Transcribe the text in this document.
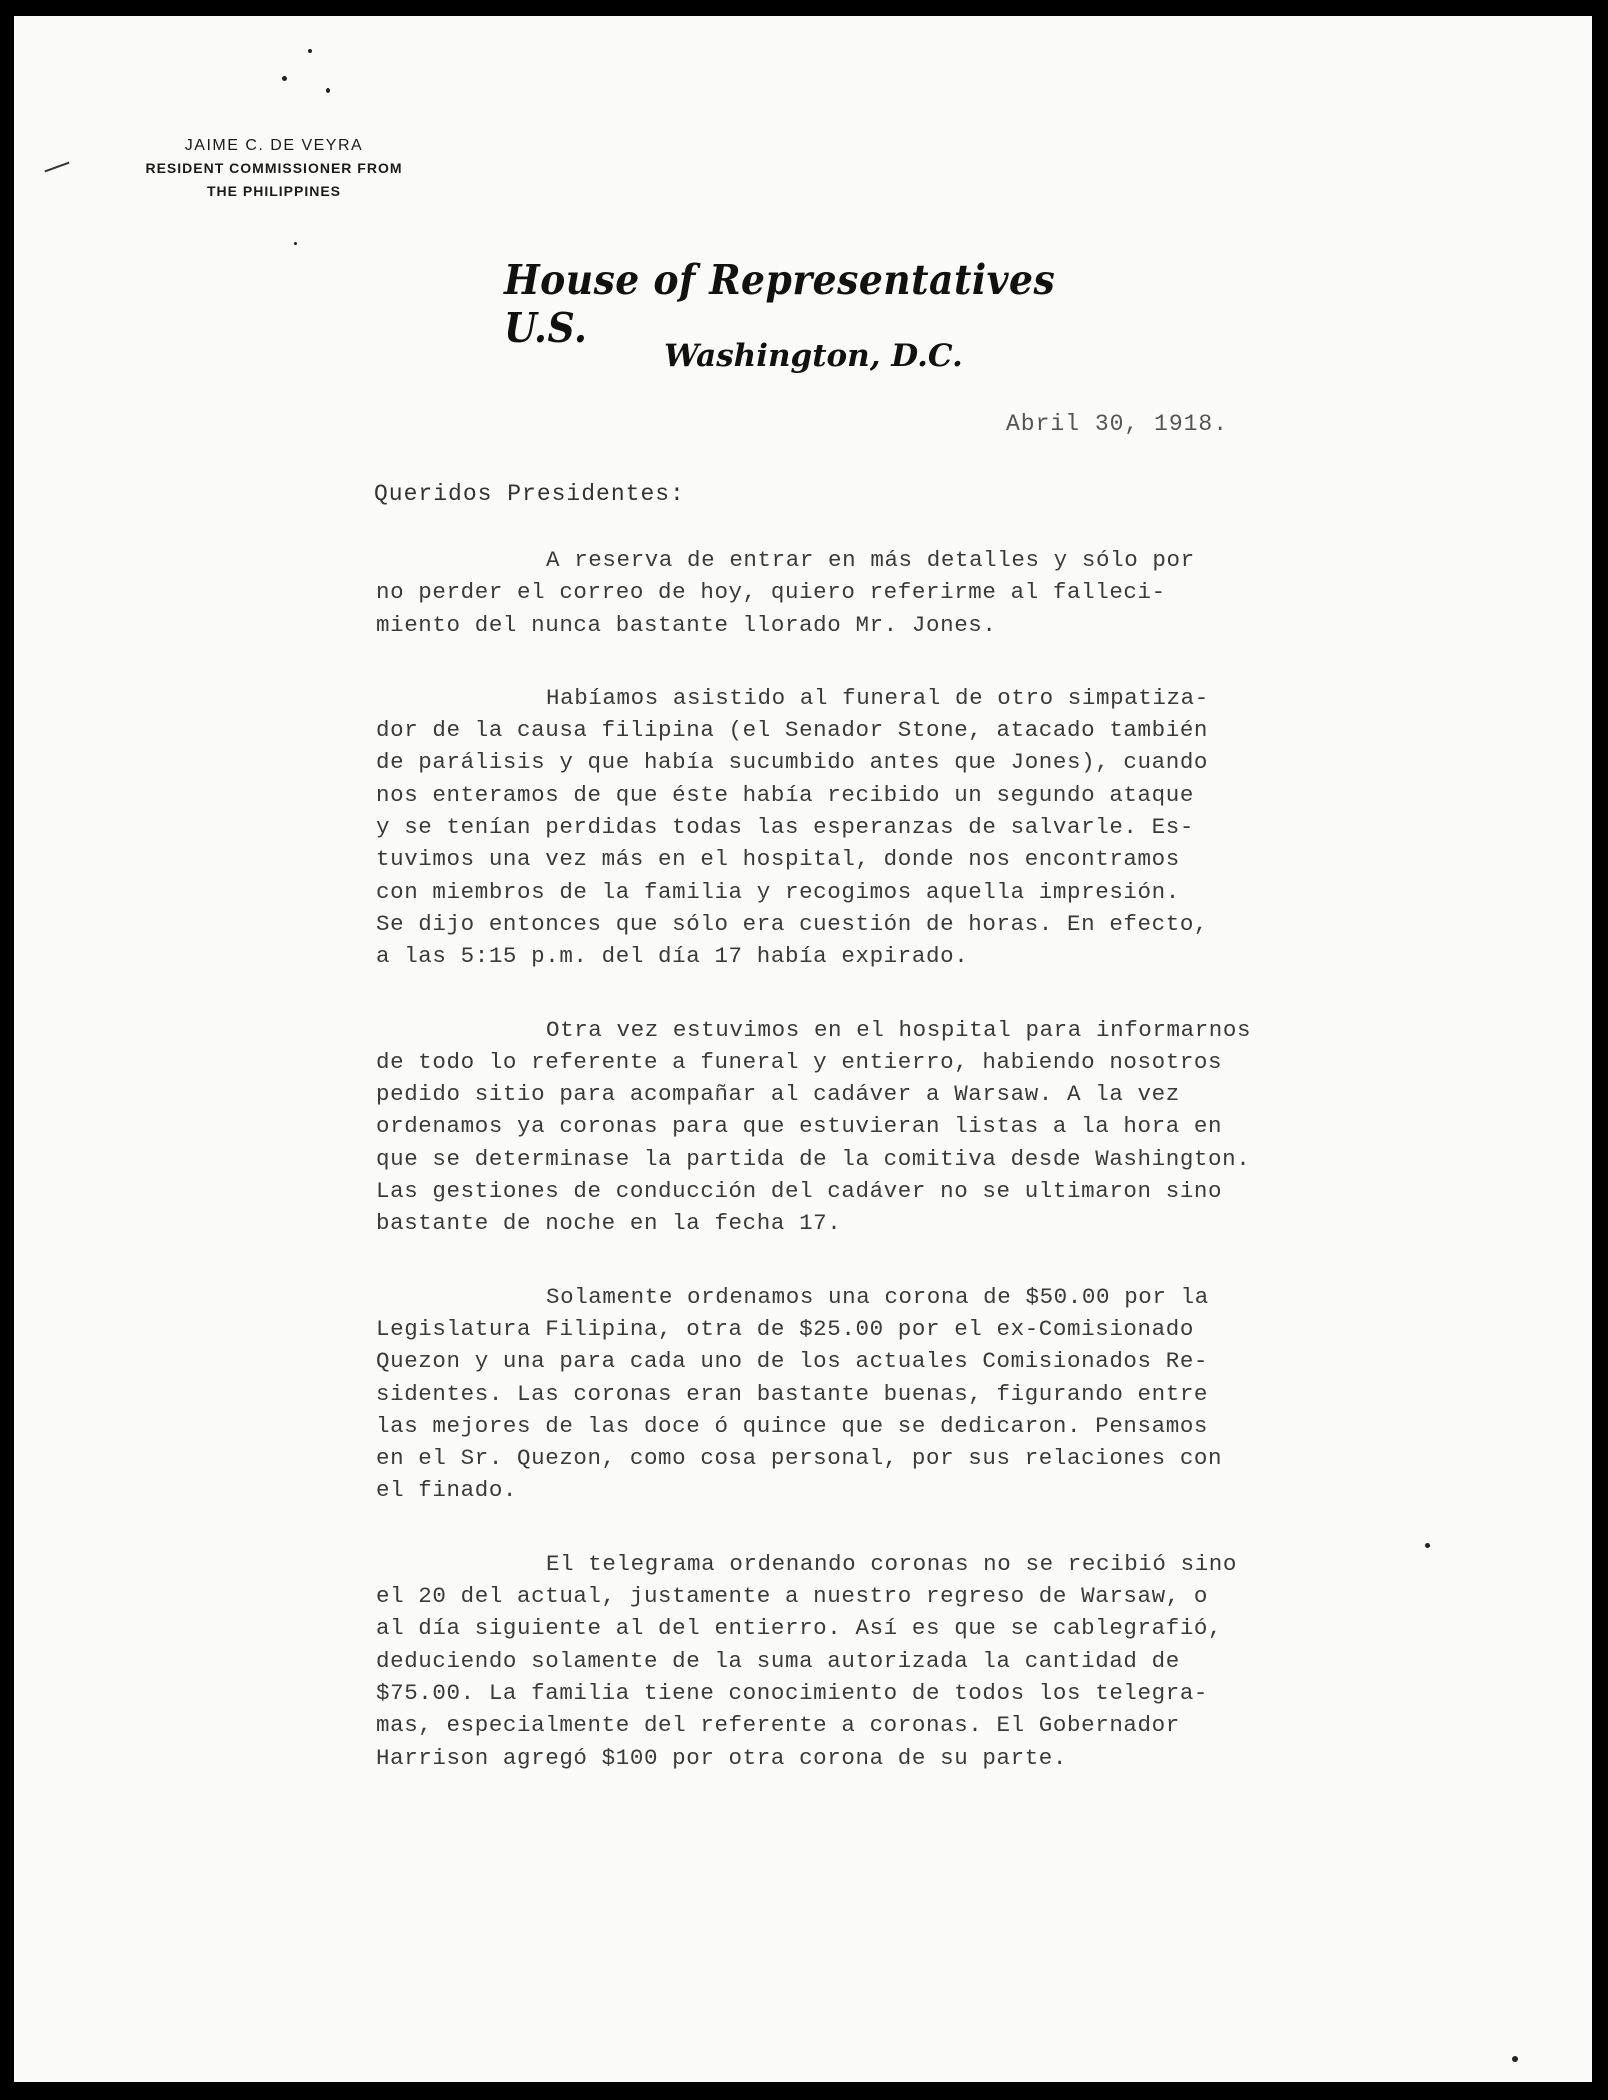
JAIME C. DE VEYRA
RESIDENT COMMISSIONER FROM
THE PHILIPPINES
House of Representatives U.S.
Washington, D.C.
Abril 30, 1918.
Queridos Presidentes:

A reserva de entrar en más detalles y sólo por
no perder el correo de hoy, quiero referirme al falleci-
miento del nunca bastante llorado Mr. Jones.

Habíamos asistido al funeral de otro simpatiza-
dor de la causa filipina (el Senador Stone, atacado también
de parálisis y que había sucumbido antes que Jones), cuando
nos enteramos de que éste había recibido un segundo ataque
y se tenían perdidas todas las esperanzas de salvarle. Es-
tuvimos una vez más en el hospital, donde nos encontramos
con miembros de la familia y recogimos aquella impresión.
Se dijo entonces que sólo era cuestión de horas. En efecto,
a las 5:15 p.m. del día 17 había expirado.

Otra vez estuvimos en el hospital para informarnos
de todo lo referente a funeral y entierro, habiendo nosotros
pedido sitio para acompañar al cadáver a Warsaw. A la vez
ordenamos ya coronas para que estuvieran listas a la hora en
que se determinase la partida de la comitiva desde Washington.
Las gestiones de conducción del cadáver no se ultimaron sino
bastante de noche en la fecha 17.

Solamente ordenamos una corona de $50.00 por la
Legislatura Filipina, otra de $25.00 por el ex-Comisionado
Quezon y una para cada uno de los actuales Comisionados Re-
sidentes. Las coronas eran bastante buenas, figurando entre
las mejores de las doce ó quince que se dedicaron. Pensamos
en el Sr. Quezon, como cosa personal, por sus relaciones con
el finado.

El telegrama ordenando coronas no se recibió sino
el 20 del actual, justamente a nuestro regreso de Warsaw, o
al día siguiente al del entierro. Así es que se cablegrafió,
deduciendo solamente de la suma autorizada la cantidad de
$75.00. La familia tiene conocimiento de todos los telegra-
mas, especialmente del referente a coronas. El Gobernador
Harrison agregó $100 por otra corona de su parte.
